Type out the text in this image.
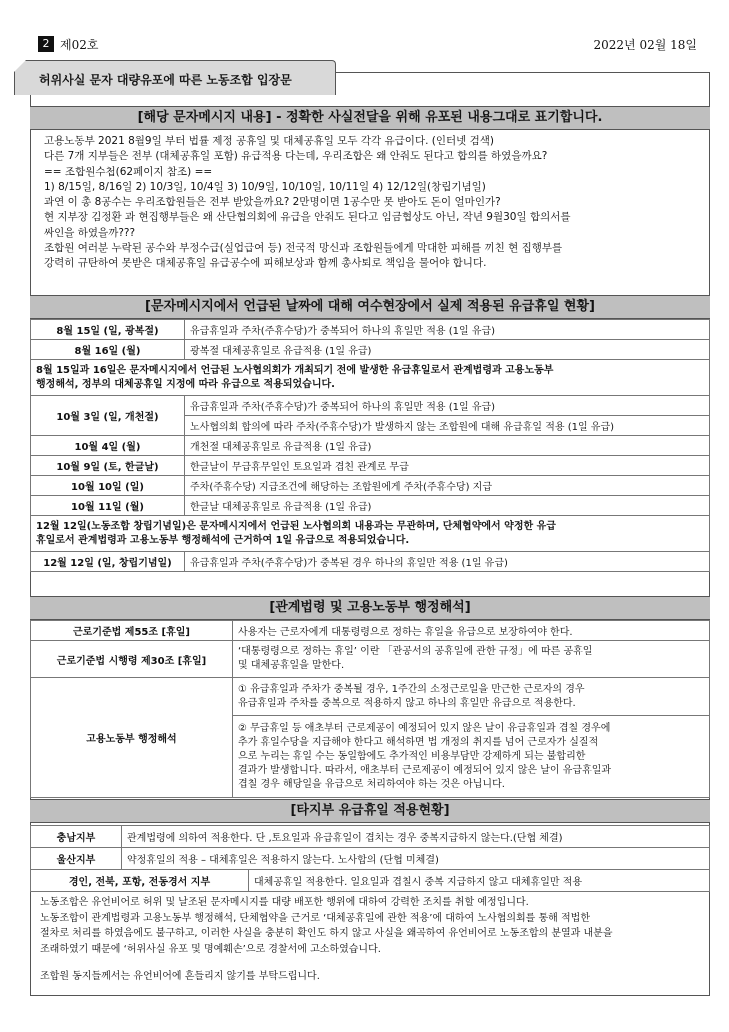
2 제02호	2022년 02월 18일
허위사실 문자 대량유포에 따른 노동조합 입장문
[해당 문자메시지 내용] - 정확한 사실전달을 위해 유포된 내용그대로 표기합니다.
고용노동부 2021 8월9일 부터 법률 제정 공휴일 및 대체공휴일 모두 각각 유급이다. (인터넷 검색)
다른 7개 지부들은 전부 (대체공휴일 포함) 유급적용 다는데, 우리조합은 왜 안줘도 된다고 합의를 하였을까요?
== 조합원수첩(62페이지 참조) ==
1) 8/15일, 8/16일 2) 10/3일, 10/4일 3) 10/9일, 10/10일, 10/11일 4) 12/12일(창립기념일)
과연 이 총 8공수는 우리조합원들은 전부 받았을까요? 2만명이면 1공수만 못 받아도 돈이 얼마인가?
현 지부장 김정환 과 현집행부들은 왜 산단협의회에 유급을 안줘도 된다고 임금협상도 아닌, 작년 9월30일 합의서를
싸인을 하였을까???
조합원 여러분 누락된 공수와 부정수급(실업급여 등) 전국적 망신과 조합원들에게 막대한 피해를 끼친 현 집행부를
강력히 규탄하여 못받은 대체공휴일 유급공수에 피해보상과 함께 총사퇴로 책임을 물어야 합니다.
[문자메시지에서 언급된 날짜에 대해 여수현장에서 실제 적용된 유급휴일 현황]
8월 15일 (일, 광복절)	유급휴일과 주차(주휴수당)가 중복되어 하나의 휴일만 적용 (1일 유급)
8월 16일 (월)	광복절 대체공휴일로 유급적용 (1일 유급)

8월 15일과 16일은 문자메시지에서 언급된 노사협의회가 개최되기 전에 발생한 유급휴일로서 관계법령과 고용노동부
행정해석, 정부의 대체공휴일 지정에 따라 유급으로 적용되었습니다.	

10월 3일 (일, 개천절)	유급휴일과 주차(주휴수당)가 중복되어 하나의 휴일만 적용 (1일 유급)
	노사협의회 합의에 따라 주차(주휴수당)가 발생하지 않는 조합원에 대해 유급휴일 적용 (1일 유급)
10월 4일 (월)	개천절 대체공휴일로 유급적용 (1일 유급)
10월 9일 (토, 한글날)	한글날이 무급휴무일인 토요일과 겹친 관계로 무급
10월 10일 (일)	주차(주휴수당) 지급조건에 해당하는 조합원에게 주차(주휴수당) 지급
10월 11일 (월)	한글날 대체공휴일로 유급적용 (1일 유급)

12월 12일(노동조합 창립기념일)은 문자메시지에서 언급된 노사협의회 내용과는 무관하며, 단체협약에서 약정한 유급
휴일로서 관계법령과 고용노동부 행정해석에 근거하여 1일 유급으로 적용되었습니다.	

12월 12일 (일, 창립기념일)	유급휴일과 주차(주휴수당)가 중복된 경우 하나의 휴일만 적용 (1일 유급)
[관계법령 및 고용노동부 행정해석]
근로기준법 제55조 [휴일]	사용자는 근로자에게 대통령령으로 정하는 휴일을 유급으로 보장하여야 한다.
근로기준법 시행령 제30조 [휴일]	‘대통령령으로 정하는 휴일’ 이란 「관공서의 공휴일에 관한 규정」에 따른 공휴일
및 대체공휴일을 말한다.

고용노동부 행정해석	① 유급휴일과 주차가 중복될 경우, 1주간의 소정근로일을 만근한 근로자의 경우
유급휴일과 주차를 중복으로 적용하지 않고 하나의 휴일만 유급으로 적용한다.

	② 무급휴일 등 애초부터 근로제공이 예정되어 있지 않은 날이 유급휴일과 겹칠 경우에
추가 휴일수당을 지급해야 한다고 해석하면 법 개정의 취지를 넘어 근로자가 실질적
으로 누리는 휴일 수는 동일함에도 추가적인 비용부담만 강제하게 되는 불합리한
결과가 발생합니다. 따라서, 애초부터 근로제공이 예정되어 있지 않은 날이 유급휴일과
겹칠 경우 해당일을 유급으로 처리하여야 하는 것은 아닙니다.
[타지부 유급휴일 적용현황]
충남지부	관계법령에 의하여 적용한다. 단 ,토요일과 유급휴일이 겹치는 경우 중복지급하지 않는다.(단협 체결)
울산지부	약정휴일의 적용 – 대체휴일은 적용하지 않는다. 노사합의 (단협 미체결)
경인, 전북, 포항, 전동경서 지부	대체공휴일 적용한다. 일요일과 겹칠시 중복 지급하지 않고 대체휴일만 적용
노동조합은 유언비어로 허위 및 날조된 문자메시지를 대량 배포한 행위에 대하여 강력한 조치를 취할 예정입니다.
노동조합이 관계법령과 고용노동부 행정해석, 단체협약을 근거로 ‘대체공휴일에 관한 적용’에 대하여 노사협의회를 통해 적법한
절차로 처리를 하였음에도 불구하고, 이러한 사실을 충분히 확인도 하지 않고 사실을 왜곡하여 유언비어로 노동조합의 분열과 내분을
조래하였기 때문에 ‘허위사실 유포 및 명예훼손’으로 경찰서에 고소하였습니다.
조합원 동지들께서는 유언비어에 흔들리지 않기를 부탁드립니다.
